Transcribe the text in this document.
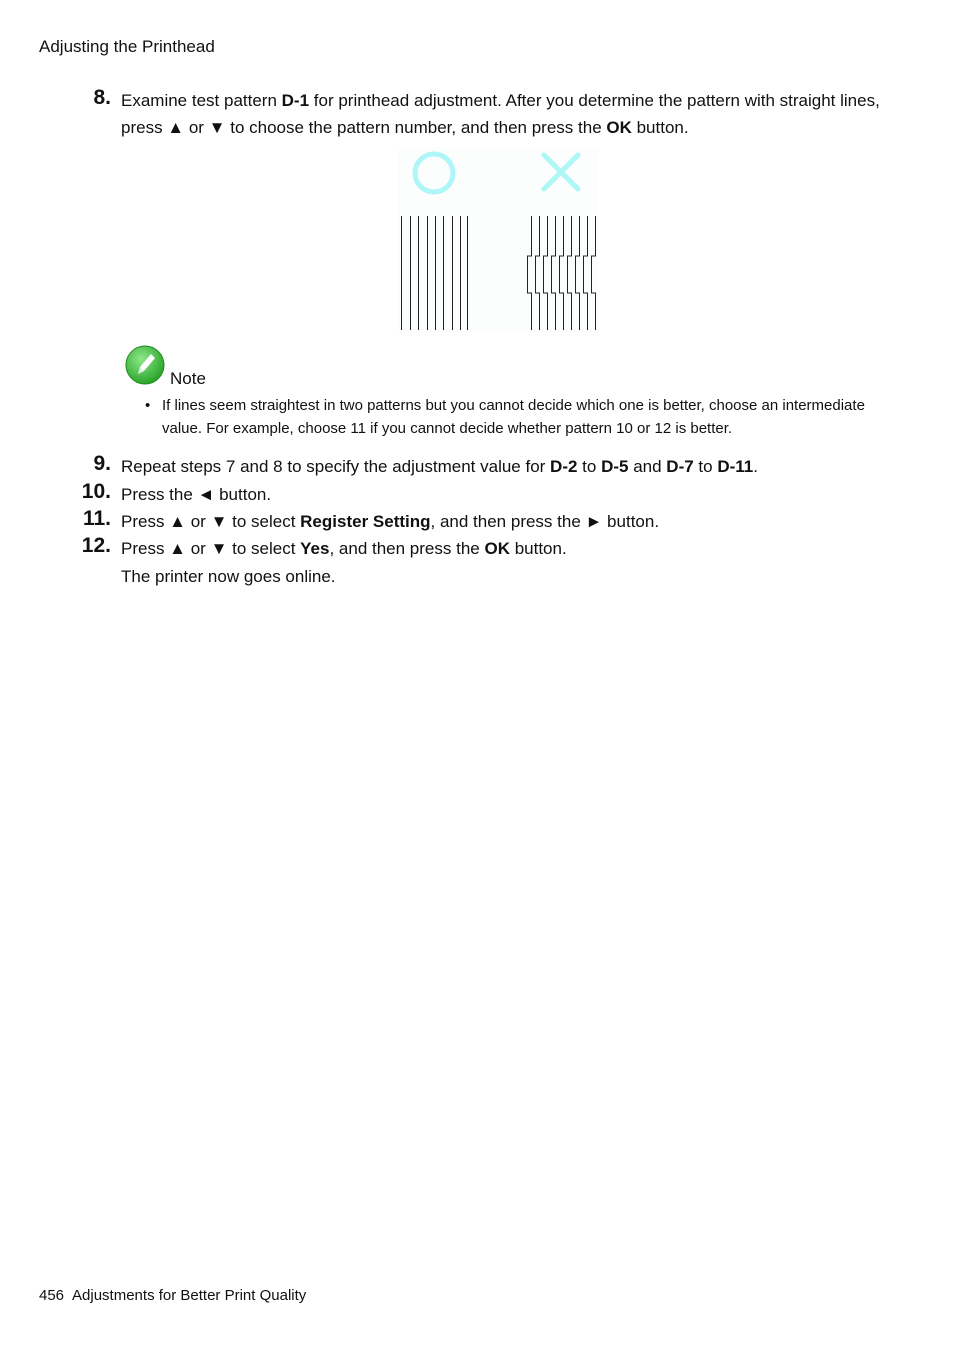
Adjusting the Printhead
8. Examine test pattern D-1 for printhead adjustment. After you determine the pattern with straight lines, press ▲ or ▼ to choose the pattern number, and then press the OK button.
Note
• If lines seem straightest in two patterns but you cannot decide which one is better, choose an intermediate value. For example, choose 11 if you cannot decide whether pattern 10 or 12 is better.
9. Repeat steps 7 and 8 to specify the adjustment value for D-2 to D-5 and D-7 to D-11.
10. Press the ◄ button.
11. Press ▲ or ▼ to select Register Setting, and then press the ► button.
12. Press ▲ or ▼ to select Yes, and then press the OK button.
The printer now goes online.
456 Adjustments for Better Print Quality
